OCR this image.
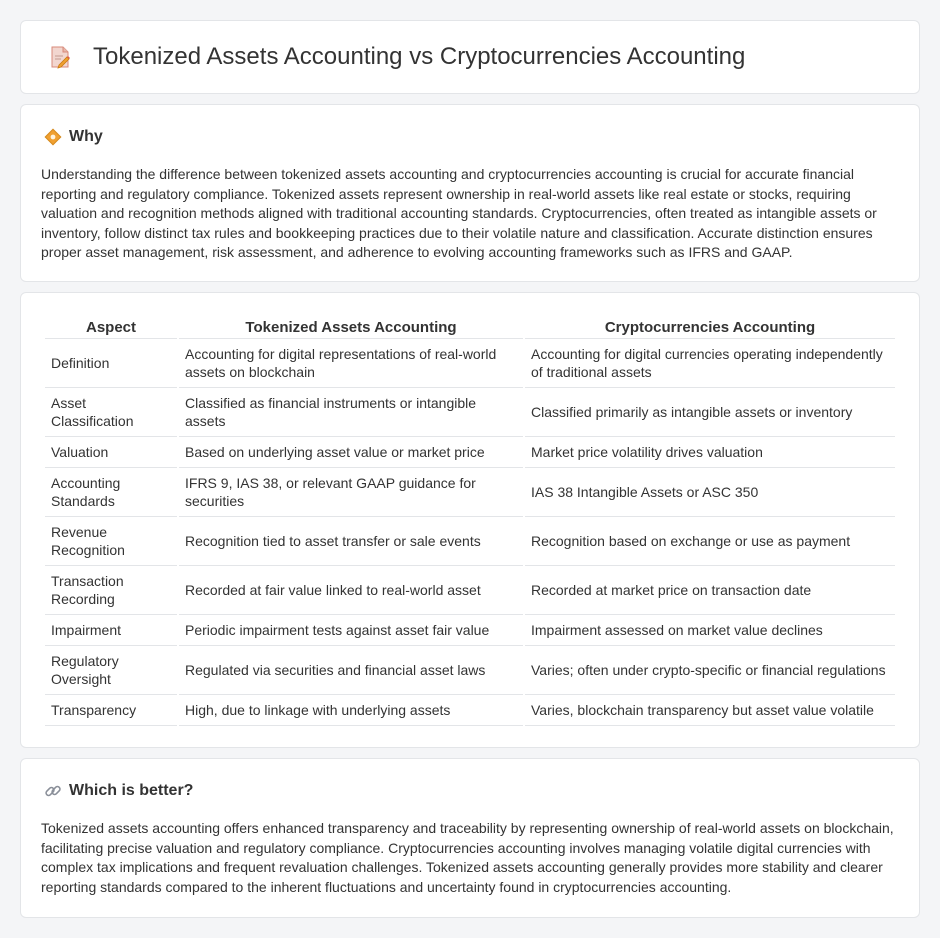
Tokenized Assets Accounting vs Cryptocurrencies Accounting
Why

Understanding the difference between tokenized assets accounting and cryptocurrencies accounting is crucial for accurate financial reporting and regulatory compliance. Tokenized assets represent ownership in real-world assets like real estate or stocks, requiring valuation and recognition methods aligned with traditional accounting standards. Cryptocurrencies, often treated as intangible assets or inventory, follow distinct tax rules and bookkeeping practices due to their volatile nature and classification. Accurate distinction ensures proper asset management, risk assessment, and adherence to evolving accounting frameworks such as IFRS and GAAP.

Aspect	Tokenized Assets Accounting	Cryptocurrencies Accounting
Definition	Accounting for digital representations of real-world assets on blockchain	Accounting for digital currencies operating independently of traditional assets
Asset Classification	Classified as financial instruments or intangible assets	Classified primarily as intangible assets or inventory
Valuation	Based on underlying asset value or market price	Market price volatility drives valuation
Accounting Standards	IFRS 9, IAS 38, or relevant GAAP guidance for securities	IAS 38 Intangible Assets or ASC 350
Revenue Recognition	Recognition tied to asset transfer or sale events	Recognition based on exchange or use as payment
Transaction Recording	Recorded at fair value linked to real-world asset	Recorded at market price on transaction date
Impairment	Periodic impairment tests against asset fair value	Impairment assessed on market value declines
Regulatory Oversight	Regulated via securities and financial asset laws	Varies; often under crypto-specific or financial regulations
Transparency	High, due to linkage with underlying assets	Varies, blockchain transparency but asset value volatile
Which is better?

Tokenized assets accounting offers enhanced transparency and traceability by representing ownership of real-world assets on blockchain, facilitating precise valuation and regulatory compliance. Cryptocurrencies accounting involves managing volatile digital currencies with complex tax implications and frequent revaluation challenges. Tokenized assets accounting generally provides more stability and clearer reporting standards compared to the inherent fluctuations and uncertainty found in cryptocurrencies accounting.
